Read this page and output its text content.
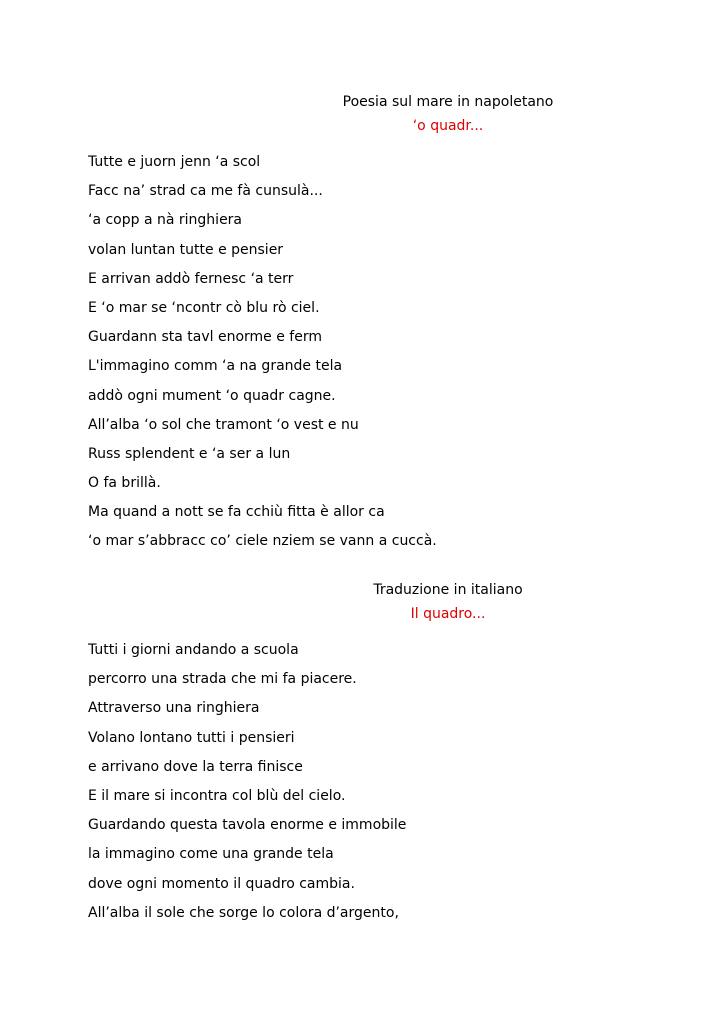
Poesia sul mare in napoletano
‘o quadr...
Tutte e juorn jenn ‘a scol
Facc na’ strad ca me fà cunsulà...
‘a copp a nà ringhiera
volan luntan tutte e pensier
E arrivan addò fernesc ‘a terr
E ‘o mar se ‘ncontr cò blu rò ciel.
Guardann sta tavl enorme e ferm
L'immagino comm ‘a na grande tela
addò ogni mument ‘o quadr cagne.
All’alba ‘o sol che tramont ‘o vest e nu
Russ splendent e ‘a ser a lun
O fa brillà.
Ma quand a nott se fa cchiù fitta è allor ca
‘o mar s’abbracc co’ ciele nziem se vann a cuccà.
Traduzione in italiano
Il quadro...
Tutti i giorni andando a scuola
percorro una strada che mi fa piacere.
Attraverso una ringhiera
Volano lontano tutti i pensieri
e arrivano dove la terra finisce
E il mare si incontra col blù del cielo.
Guardando questa tavola enorme e immobile
la immagino come una grande tela
dove ogni momento il quadro cambia.
All’alba il sole che sorge lo colora d’argento,
